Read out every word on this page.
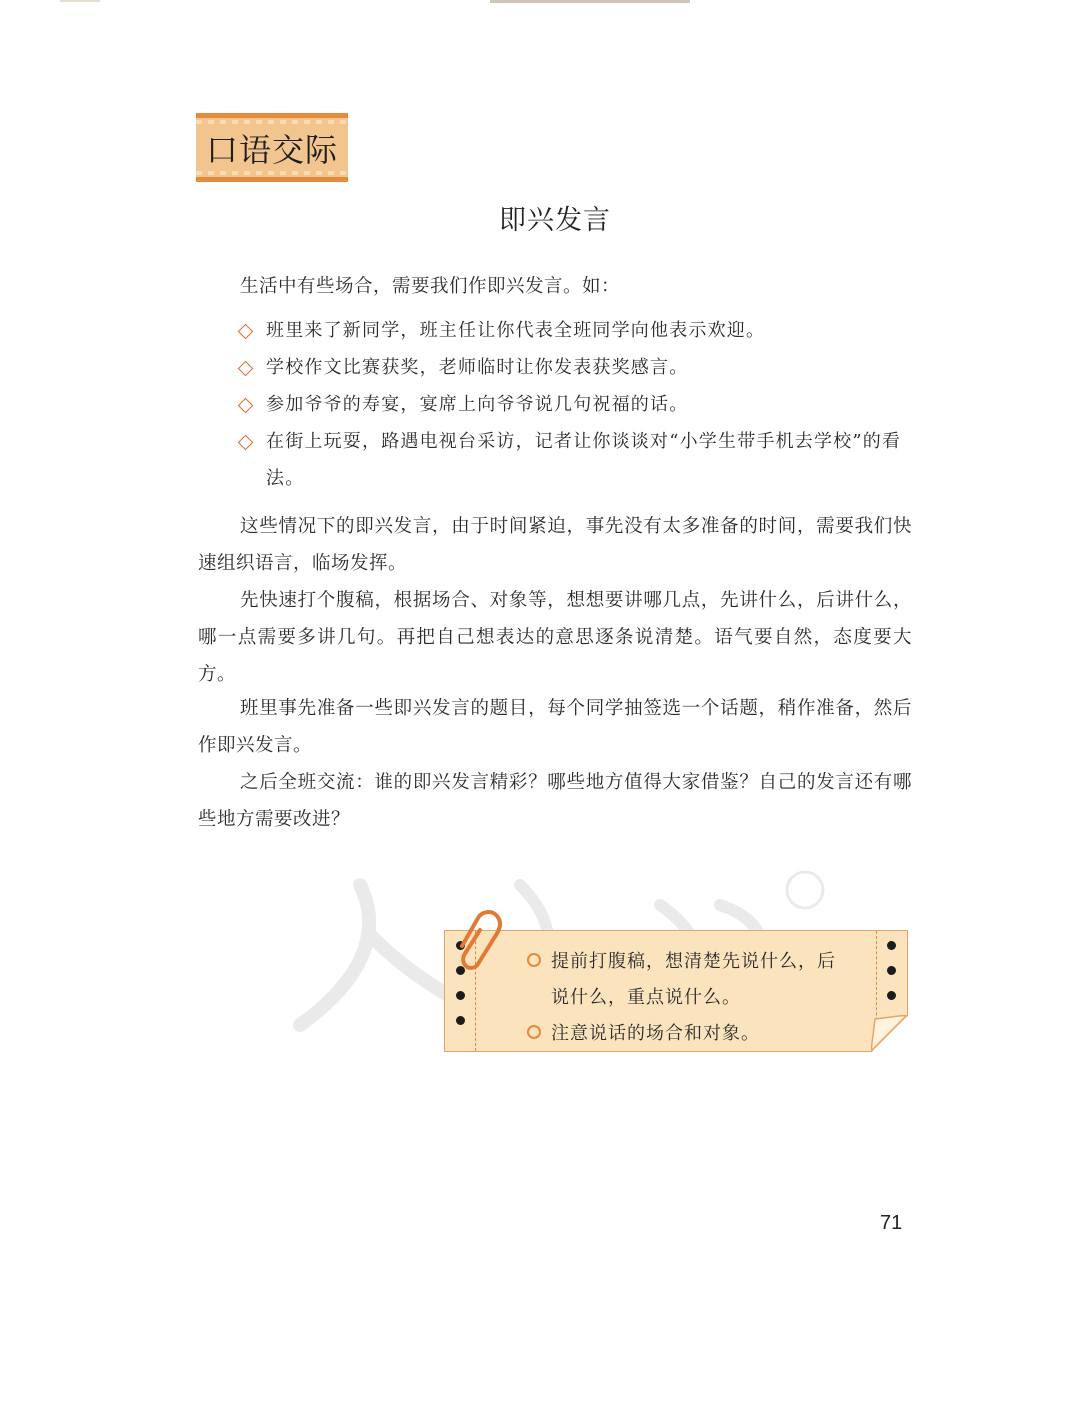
口语交际
即兴发言

生活中有些场合，需要我们作即兴发言。如：

班里来了新同学，班主任让你代表全班同学向他表示欢迎。
学校作文比赛获奖，老师临时让你发表获奖感言。
参加爷爷的寿宴，宴席上向爷爷说几句祝福的话。
在街上玩耍，路遇电视台采访，记者让你谈谈对“小学生带手机去学校”的看法。

这些情况下的即兴发言，由于时间紧迫，事先没有太多准备的时间，需要我们快速组织语言，临场发挥。

先快速打个腹稿，根据场合、对象等，想想要讲哪几点，先讲什么，后讲什么，哪一点需要多讲几句。再把自己想表达的意思逐条说清楚。语气要自然，态度要大方。

班里事先准备一些即兴发言的题目，每个同学抽签选一个话题，稍作准备，然后作即兴发言。

之后全班交流：谁的即兴发言精彩？哪些地方值得大家借鉴？自己的发言还有哪些地方需要改进？

提前打腹稿，想清楚先说什么，后
说什么，重点说什么。
注意说话的场合和对象。
71
